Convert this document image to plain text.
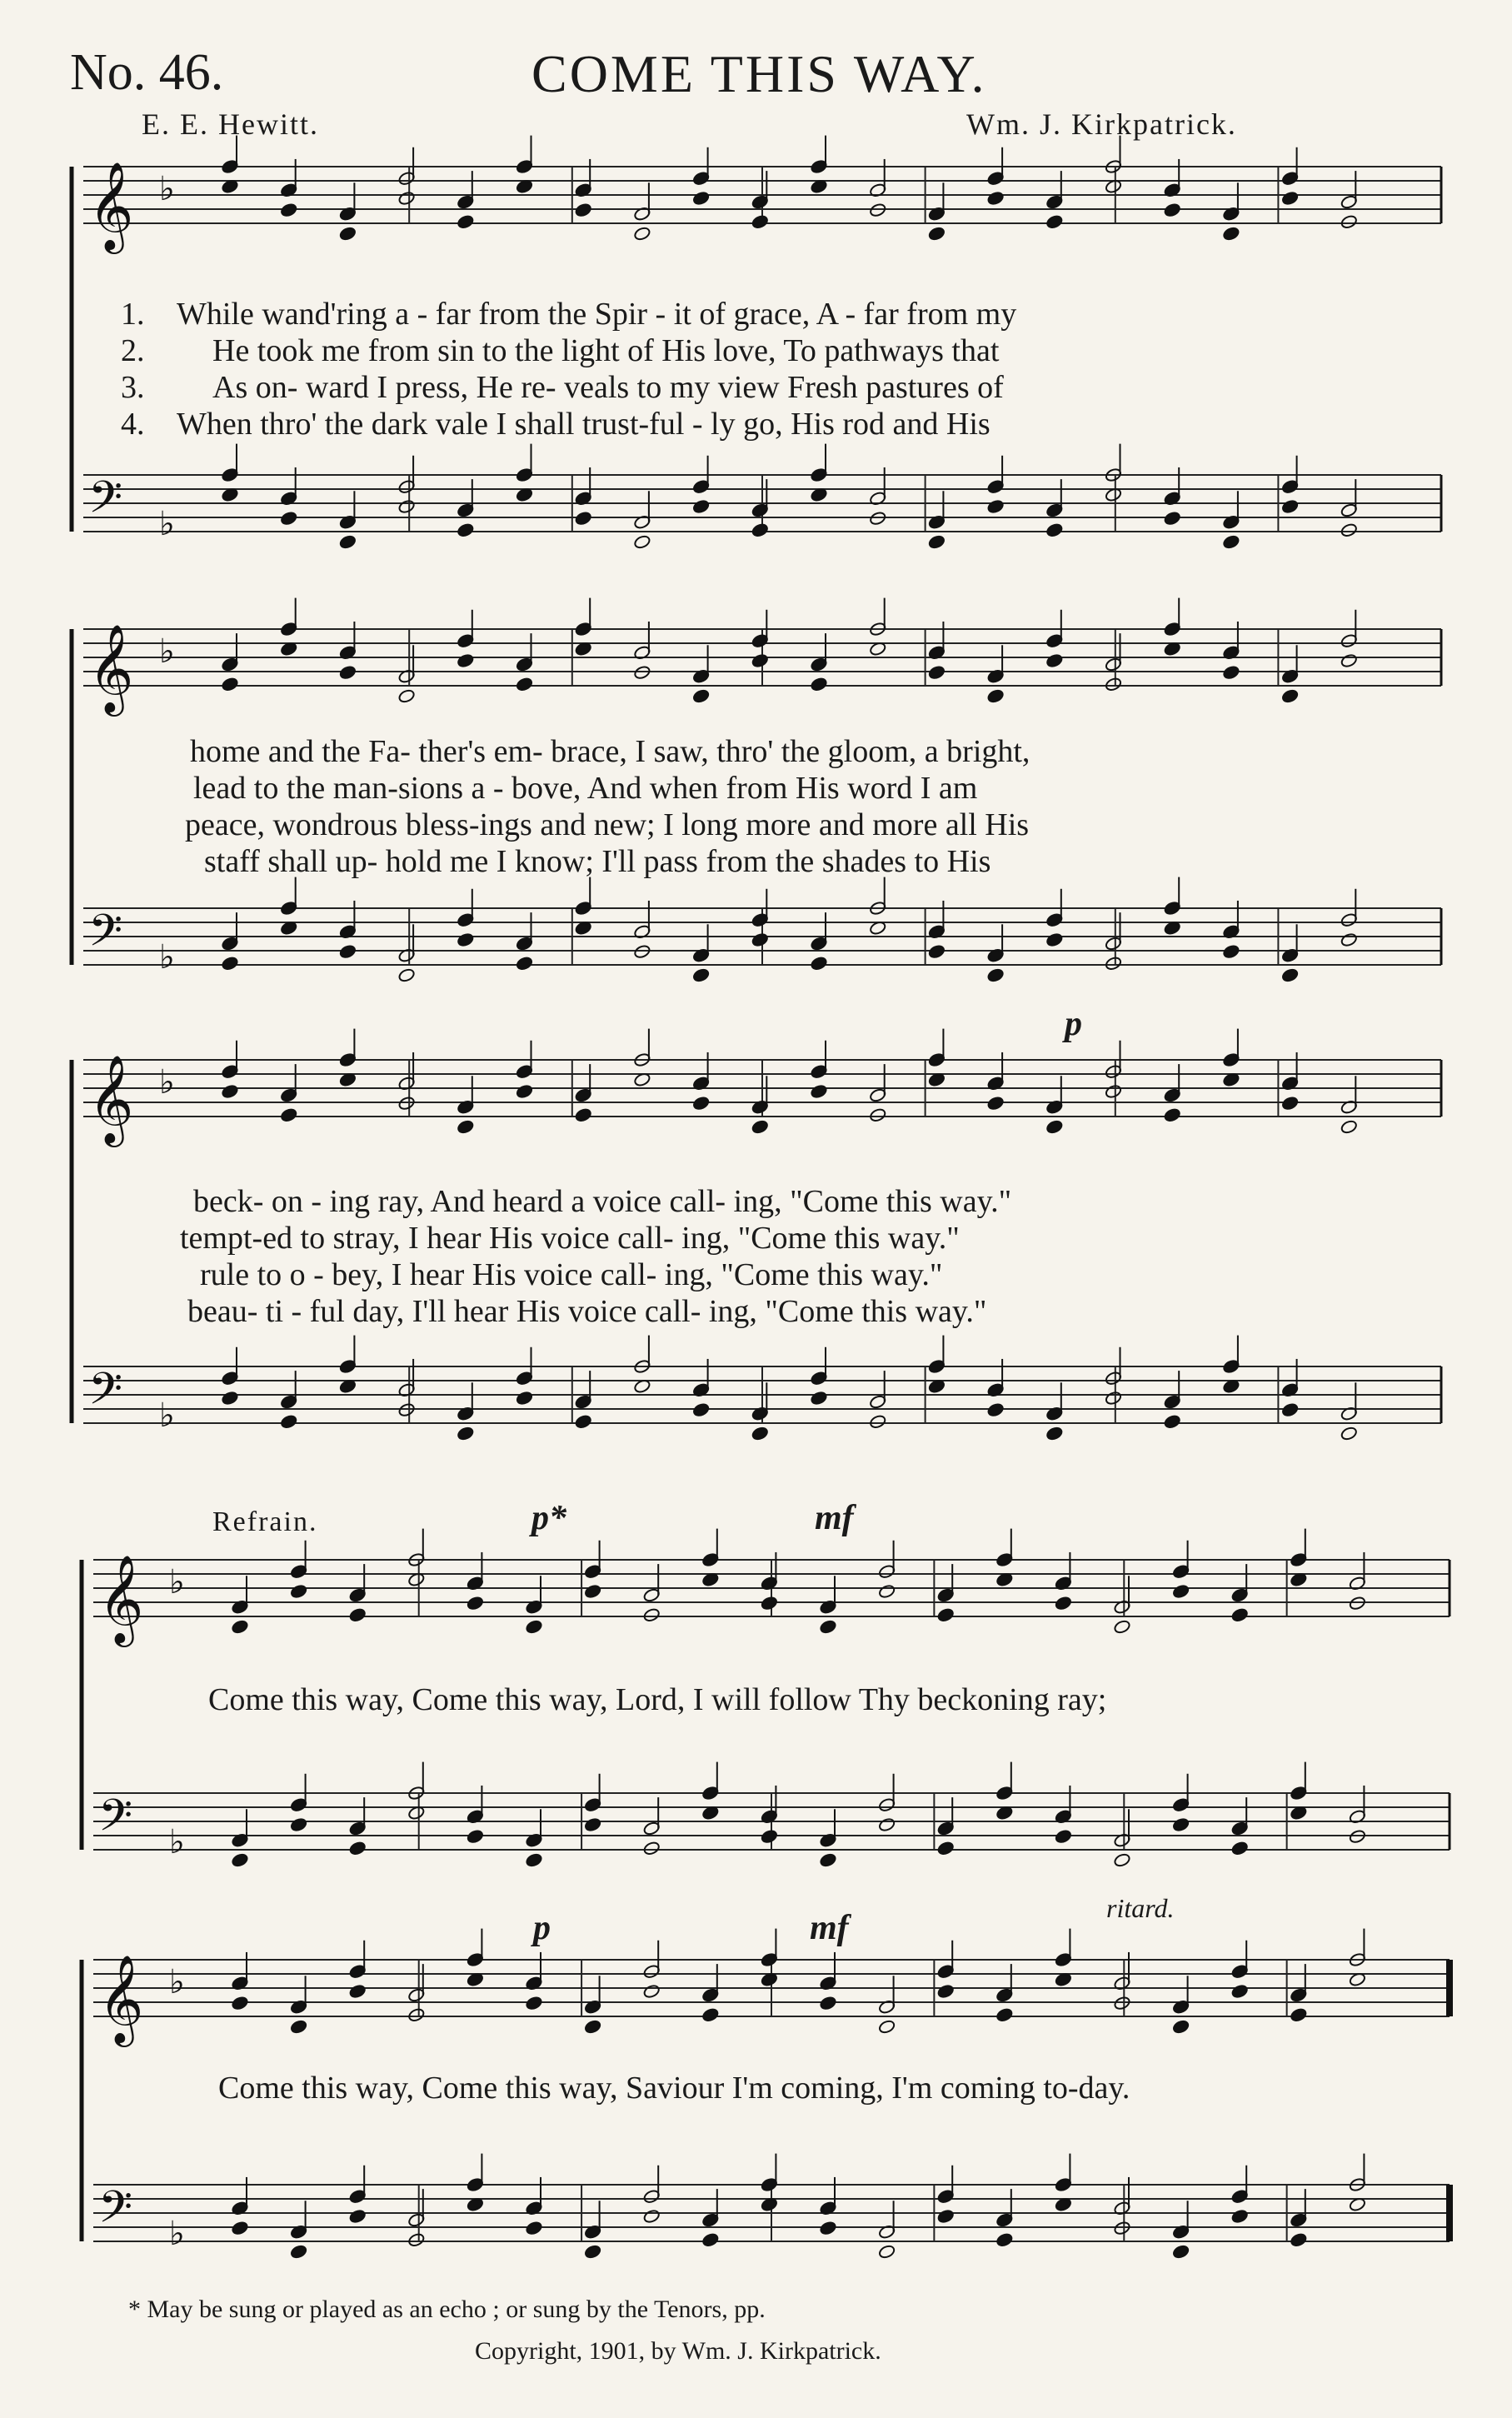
No. 46.	COME THIS WAY.
E. E. Hewitt.	Wm. J. Kirkpatrick.
𝄞 ♭
𝄢 ♭
𝄞 ♭
𝄢 ♭
𝄞 ♭
𝄢 ♭
𝄞 ♭
𝄢 ♭
𝄞 ♭
𝄢 ♭
1. While wand'ring a - far from the Spir - it of grace, A - far from my
2. He took me from sin to the light of His love, To pathways that
3. As on- ward I press, He re- veals to my view Fresh pastures of
4. When thro' the dark vale I shall trust-ful - ly go, His rod and His
home and the Fa- ther's em- brace, I saw, thro' the gloom, a bright,
lead to the man-sions a - bove, And when from His word I am
peace, wondrous bless-ings and new; I long more and more all His
staff shall up- hold me I know; I'll pass from the shades to His
beck- on - ing ray, And heard a voice call- ing, "Come this way."
tempt-ed to stray, I hear His voice call- ing, "Come this way."
rule to o - bey, I hear His voice call- ing, "Come this way."
beau- ti - ful day, I'll hear His voice call- ing, "Come this way."
Refrain.	p*	mf
p
p	mf
ritard.
Come this way, Come this way, Lord, I will follow Thy beckoning ray;
Come this way, Come this way, Saviour I'm coming, I'm coming to-day.
* May be sung or played as an echo ; or sung by the Tenors, pp.
Copyright, 1901, by Wm. J. Kirkpatrick.
